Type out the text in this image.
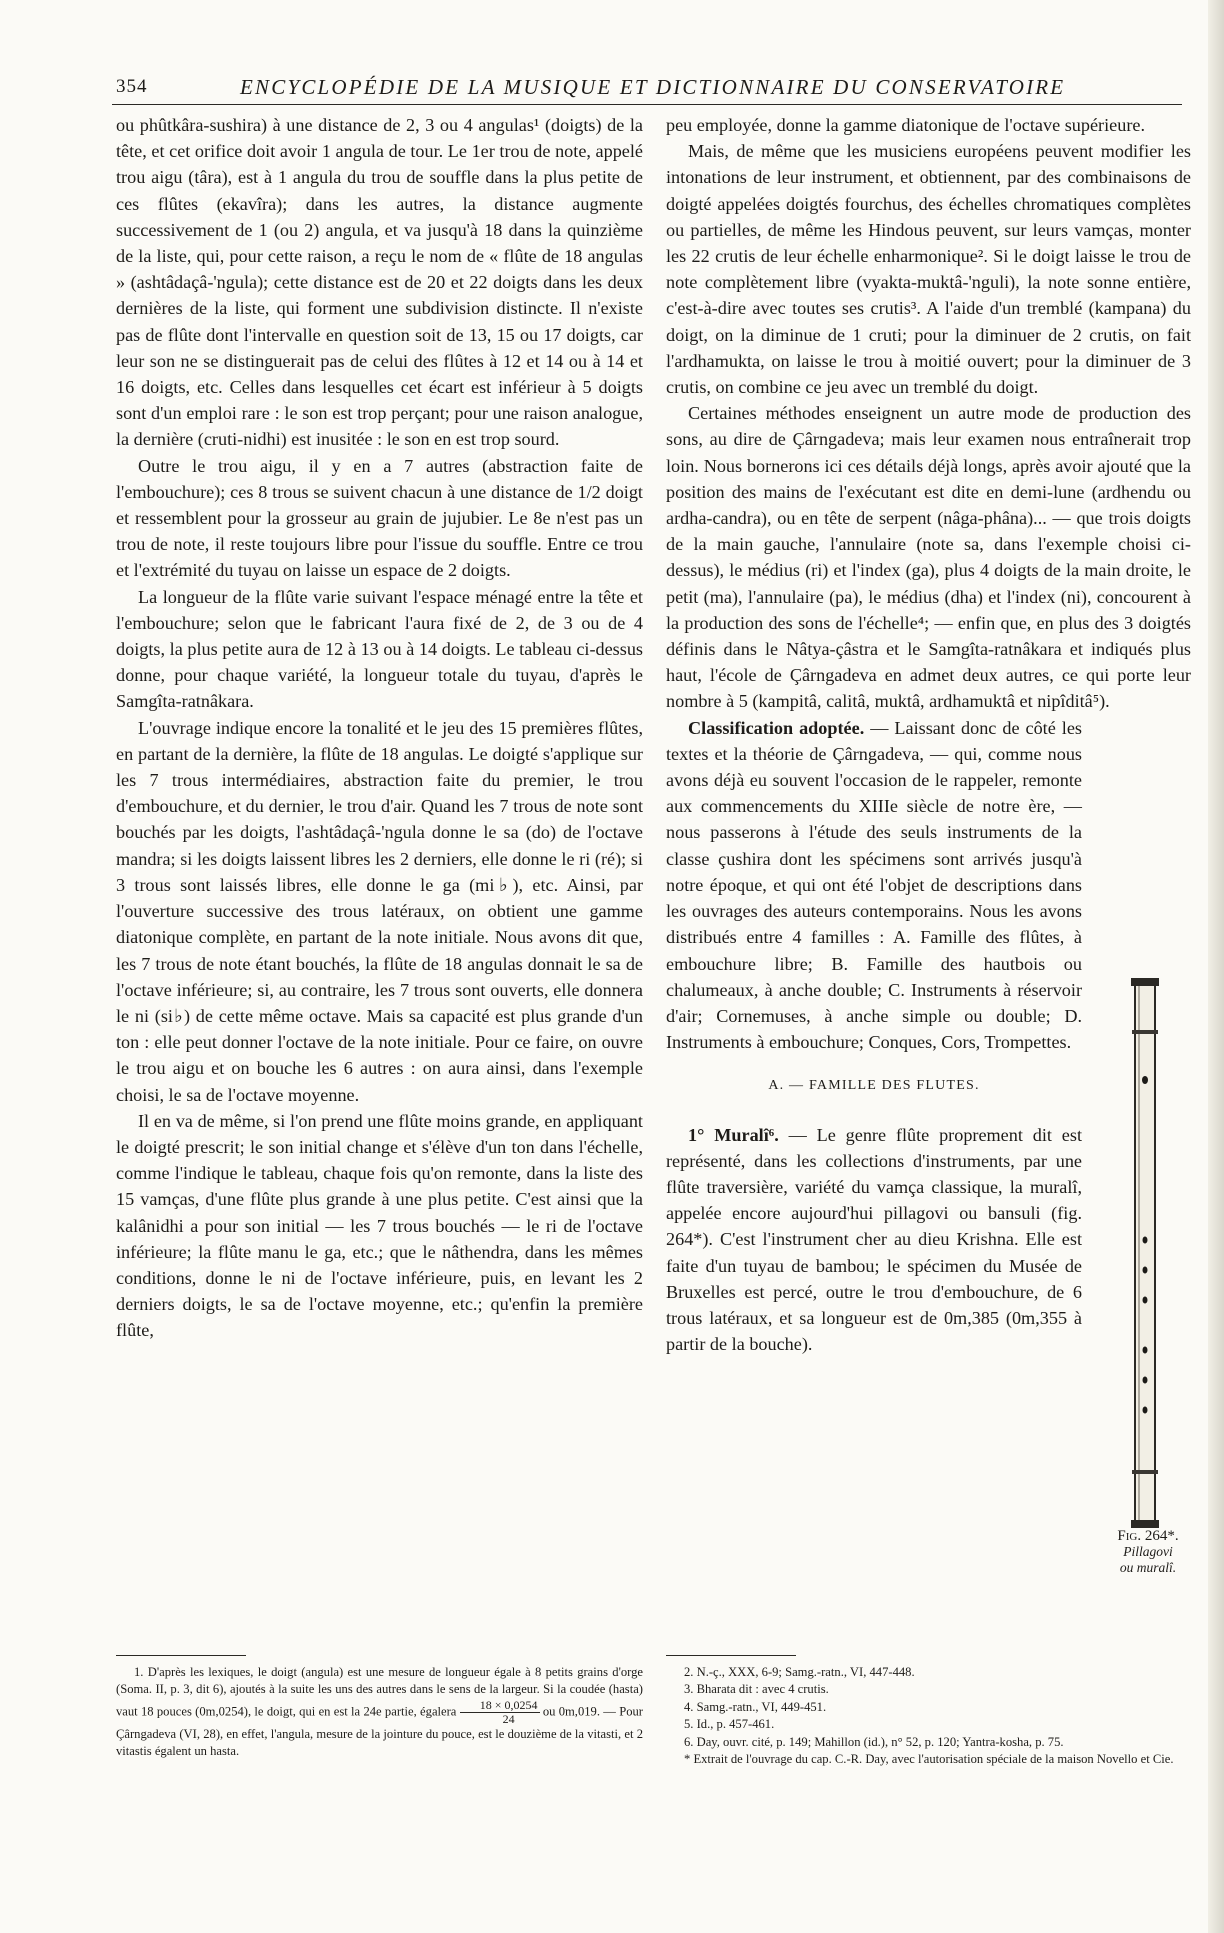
354	ENCYCLOPÉDIE DE LA MUSIQUE ET DICTIONNAIRE DU CONSERVATOIRE

ou phûtkâra-sushira) à une distance de 2, 3 ou 4 angulas¹ (doigts) de la tête, et cet orifice doit avoir 1 angula de tour. Le 1er trou de note, appelé trou aigu (târa), est à 1 angula du trou de souffle dans la plus petite de ces flûtes (ekavîra); dans les autres, la distance augmente successivement de 1 (ou 2) angula, et va jusqu'à 18 dans la quinzième de la liste, qui, pour cette raison, a reçu le nom de « flûte de 18 angulas » (ashtâdaçâ-'ngula); cette distance est de 20 et 22 doigts dans les deux dernières de la liste, qui forment une subdivision distincte. Il n'existe pas de flûte dont l'intervalle en question soit de 13, 15 ou 17 doigts, car leur son ne se distinguerait pas de celui des flûtes à 12 et 14 ou à 14 et 16 doigts, etc. Celles dans lesquelles cet écart est inférieur à 5 doigts sont d'un emploi rare : le son est trop perçant; pour une raison analogue, la dernière (cruti-nidhi) est inusitée : le son en est trop sourd.

Outre le trou aigu, il y en a 7 autres (abstraction faite de l'embouchure); ces 8 trous se suivent chacun à une distance de 1/2 doigt et ressemblent pour la grosseur au grain de jujubier. Le 8e n'est pas un trou de note, il reste toujours libre pour l'issue du souffle. Entre ce trou et l'extrémité du tuyau on laisse un espace de 2 doigts.

La longueur de la flûte varie suivant l'espace ménagé entre la tête et l'embouchure; selon que le fabricant l'aura fixé de 2, de 3 ou de 4 doigts, la plus petite aura de 12 à 13 ou à 14 doigts. Le tableau ci-dessus donne, pour chaque variété, la longueur totale du tuyau, d'après le Samgîta-ratnâkara.

L'ouvrage indique encore la tonalité et le jeu des 15 premières flûtes, en partant de la dernière, la flûte de 18 angulas. Le doigté s'applique sur les 7 trous intermédiaires, abstraction faite du premier, le trou d'embouchure, et du dernier, le trou d'air. Quand les 7 trous de note sont bouchés par les doigts, l'ashtâdaçâ-'ngula donne le sa (do) de l'octave mandra; si les doigts laissent libres les 2 derniers, elle donne le ri (ré); si 3 trous sont laissés libres, elle donne le ga (mi♭), etc. Ainsi, par l'ouverture successive des trous latéraux, on obtient une gamme diatonique complète, en partant de la note initiale. Nous avons dit que, les 7 trous de note étant bouchés, la flûte de 18 angulas donnait le sa de l'octave inférieure; si, au contraire, les 7 trous sont ouverts, elle donnera le ni (si♭) de cette même octave. Mais sa capacité est plus grande d'un ton : elle peut donner l'octave de la note initiale. Pour ce faire, on ouvre le trou aigu et on bouche les 6 autres : on aura ainsi, dans l'exemple choisi, le sa de l'octave moyenne.

Il en va de même, si l'on prend une flûte moins grande, en appliquant le doigté prescrit; le son initial change et s'élève d'un ton dans l'échelle, comme l'indique le tableau, chaque fois qu'on remonte, dans la liste des 15 vamças, d'une flûte plus grande à une plus petite. C'est ainsi que la kalânidhi a pour son initial — les 7 trous bouchés — le ri de l'octave inférieure; la flûte manu le ga, etc.; que le nâthendra, dans les mêmes conditions, donne le ni de l'octave inférieure, puis, en levant les 2 derniers doigts, le sa de l'octave moyenne, etc.; qu'enfin la première flûte,

peu employée, donne la gamme diatonique de l'octave supérieure.

Mais, de même que les musiciens européens peuvent modifier les intonations de leur instrument, et obtiennent, par des combinaisons de doigté appelées doigtés fourchus, des échelles chromatiques complètes ou partielles, de même les Hindous peuvent, sur leurs vamças, monter les 22 crutis de leur échelle enharmonique². Si le doigt laisse le trou de note complètement libre (vyakta-muktâ-'nguli), la note sonne entière, c'est-à-dire avec toutes ses crutis³. A l'aide d'un tremblé (kampana) du doigt, on la diminue de 1 cruti; pour la diminuer de 2 crutis, on fait l'ardhamukta, on laisse le trou à moitié ouvert; pour la diminuer de 3 crutis, on combine ce jeu avec un tremblé du doigt.

Certaines méthodes enseignent un autre mode de production des sons, au dire de Çârngadeva; mais leur examen nous entraînerait trop loin. Nous bornerons ici ces détails déjà longs, après avoir ajouté que la position des mains de l'exécutant est dite en demi-lune (ardhendu ou ardha-candra), ou en tête de serpent (nâga-phâna)... — que trois doigts de la main gauche, l'annulaire (note sa, dans l'exemple choisi ci-dessus), le médius (ri) et l'index (ga), plus 4 doigts de la main droite, le petit (ma), l'annulaire (pa), le médius (dha) et l'index (ni), concourent à la production des sons de l'échelle⁴; — enfin que, en plus des 3 doigtés définis dans le Nâtya-çâstra et le Samgîta-ratnâkara et indiqués plus haut, l'école de Çârngadeva en admet deux autres, ce qui porte leur nombre à 5 (kampitâ, calitâ, muktâ, ardhamuktâ et nipîditâ⁵).

Classification adoptée. — Laissant donc de côté les textes et la théorie de Çârngadeva, — qui, comme nous avons déjà eu souvent l'occasion de le rappeler, remonte aux commencements du XIIIe siècle de notre ère, — nous passerons à l'étude des seuls instruments de la classe çushira dont les spécimens sont arrivés jusqu'à notre époque, et qui ont été l'objet de descriptions dans les ouvrages des auteurs contemporains. Nous les avons distribués entre 4 familles : A. Famille des flûtes, à embouchure libre; B. Famille des hautbois ou chalumeaux, à anche double; C. Instruments à réservoir d'air; Cornemuses, à anche simple ou double; D. Instruments à embouchure; Conques, Cors, Trompettes.

A. — FAMILLE DES FLUTES.

1° Muralî⁶. — Le genre flûte proprement dit est représenté, dans les collections d'instruments, par une flûte traversière, variété du vamça classique, la muralî, appelée encore aujourd'hui pillagovi ou bansuli (fig. 264*). C'est l'instrument cher au dieu Krishna. Elle est faite d'un tuyau de bambou; le spécimen du Musée de Bruxelles est percé, outre le trou d'embouchure, de 6 trous latéraux, et sa longueur est de 0m,385 (0m,355 à partir de la bouche).

Fig. 264*.
Pillagovi
ou muralî.

1. D'après les lexiques, le doigt (angula) est une mesure de longueur égale à 8 petits grains d'orge (Soma. II, p. 3, dit 6), ajoutés à la suite les uns des autres dans le sens de la largeur. Si la coudée (hasta) vaut 18 pouces (0m,0254), le doigt, qui en est la 24e partie, égalera $\frac{18 \times 0,0254}{24}$ ou 0m,019. — Pour Çârngadeva (VI, 28), en effet, l'angula, mesure de la jointure du pouce, est le douzième de la vitasti, et 2 vitastis égalent un hasta.

2. N.-ç., XXX, 6-9; Samg.-ratn., VI, 447-448.

3. Bharata dit : avec 4 crutis.

4. Samg.-ratn., VI, 449-451.

5. Id., p. 457-461.

6. Day, ouvr. cité, p. 149; Mahillon (id.), n° 52, p. 120; Yantra-kosha, p. 75.

* Extrait de l'ouvrage du cap. C.-R. Day, avec l'autorisation spéciale de la maison Novello et Cie.
